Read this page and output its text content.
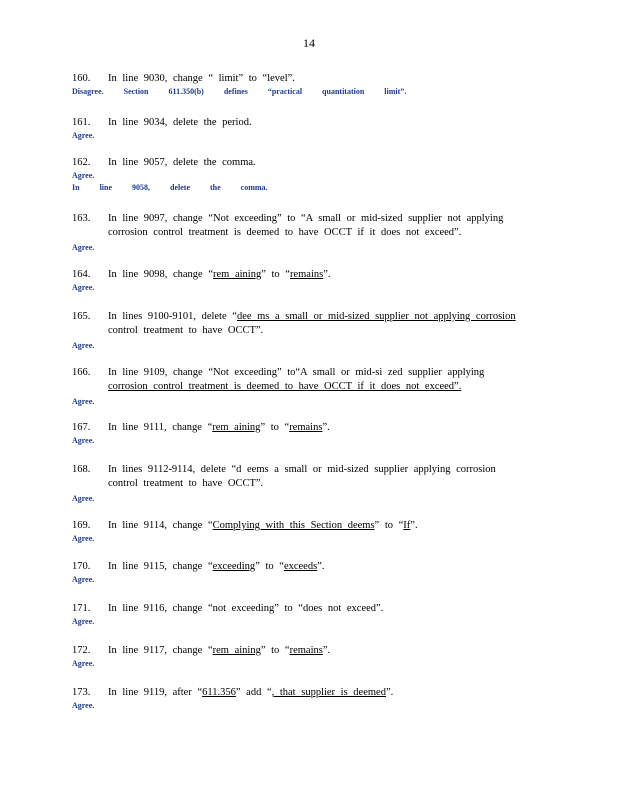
14
160.	In line 9030, change “ limit” to “level”.
Disagree. Section 611.350(b) defines “practical quantitation limit”.
161.	In line 9034, delete the period.
Agree.
162.	In line 9057, delete the comma.
Agree.
In line 9058, delete the comma.
163.	In line 9097, change “Not exceeding” to “A small or mid-sized supplier not applying
corrosion control treatment is deemed to have OCCT if it does not exceed”.
Agree.
164.	In line 9098, change “rem aining” to “remains”.
Agree.
165.	In lines 9100-9101, delete “dee ms a small or mid-sized supplier not applying corrosion
control treatment to have OCCT”.
Agree.
166.	In line 9109, change “Not exceeding” to“A small or mid-si zed supplier applying
corrosion control treatment is deemed to have OCCT if it does not exceed”.
Agree.
167.	In line 9111, change “rem aining” to “remains”.
Agree.
168.	In lines 9112-9114, delete “d eems a small or mid-sized supplier applying corrosion
control treatment to have OCCT”.
Agree.
169.	In line 9114, change “Complying with this Section deems” to “If”.
Agree.
170.	In line 9115, change “exceeding” to “exceeds”.
Agree.
171.	In line 9116, change “not exceeding” to “does not exceed”.
Agree.
172.	In line 9117, change “rem aining” to “remains”.
Agree.
173.	In line 9119, after “611.356” add “, that supplier is deemed”.
Agree.
